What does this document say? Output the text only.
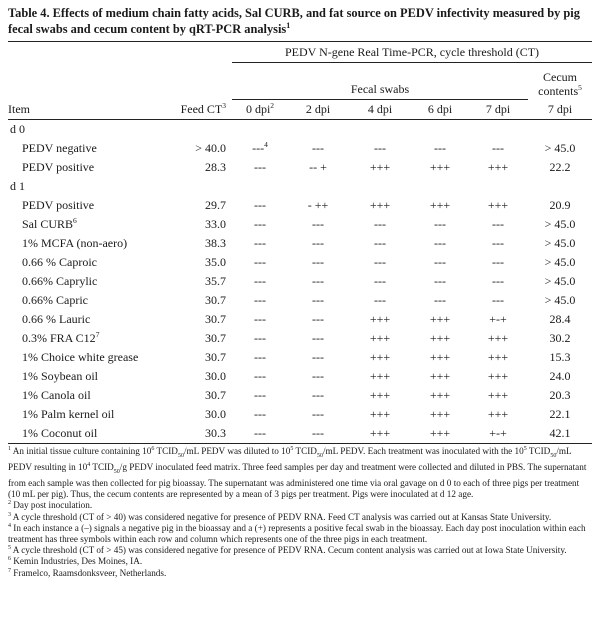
Table 4. Effects of medium chain fatty acids, Sal CURB, and fat source on PEDV infectivity measured by pig fecal swabs and cecum content by qRT-PCR analysis$^1$
		PEDV N-gene Real Time-PCR, cycle threshold (CT)					
		Fecal swabs					Cecum
contents$^5$
Item	Feed $CT^3$	0 dpi$^2$	2 dpi	4 dpi	6 dpi	7 dpi	7 dpi
d 0							
PEDV negative	> 40.0	---$^4$	---	---	---	---	> 45.0
PEDV positive	28.3	---	-- +	+++	+++	+++	22.2
d 1							
PEDV positive	29.7	---	- ++	+++	+++	+++	20.9
Sal CURB$^6$	33.0	---	---	---	---	---	> 45.0
1% MCFA (non-aero)	38.3	---	---	---	---	---	> 45.0
0.66 % Caproic	35.0	---	---	---	---	---	> 45.0
0.66% Caprylic	35.7	---	---	---	---	---	> 45.0
0.66% Capric	30.7	---	---	---	---	---	> 45.0
0.66 % Lauric	30.7	---	---	+++	+++	+-+	28.4
0.3% FRA $C12^7$	30.7	---	---	+++	+++	+++	30.2
1% Choice white grease	30.7	---	---	+++	+++	+++	15.3
1% Soybean oil	30.0	---	---	+++	+++	+++	24.0
1% Canola oil	30.7	---	---	+++	+++	+++	20.3
1% Palm kernel oil	30.0	---	---	+++	+++	+++	22.1
1% Coconut oil	30.3	---	---	+++	+++	+-+	42.1

$^1$ An initial tissue culture containing $10^6$ $TCID_{50}/mL$ PEDV was diluted to $10^5$ $TCID_{50}/mL$ PEDV. Each treatment was inoculated with the $10^5$ $TCID_{50}/mL$ PEDV resulting in $10^4$ $TCID_{50}/g$ PEDV inoculated feed matrix. Three feed samples per day and treatment were collected and diluted in PBS. The supernatant from each sample was then collected for pig bioassay. The supernatant was administered one time via oral gavage on d 0 to each of three pigs per treatment (10 mL per pig). Thus, the cecum contents are represented by a mean of 3 pigs per treatment. Pigs were inoculated at d 12 age.

$^2$ Day post inoculation.

$^3$ A cycle threshold (CT of > 40) was considered negative for presence of PEDV RNA. Feed CT analysis was carried out at Kansas State University.

$^4$ In each instance a (–) signals a negative pig in the bioassay and a (+) represents a positive fecal swab in the bioassay. Each day post inoculation within each treatment has three symbols within each row and column which represents one of the three pigs in each treatment.

$^5$ A cycle threshold (CT of > 45) was considered negative for presence of PEDV RNA. Cecum content analysis was carried out at Iowa State University.

$^6$ Kemin Industries, Des Moines, IA.

$^7$ Framelco, Raamsdonksveer, Netherlands.
